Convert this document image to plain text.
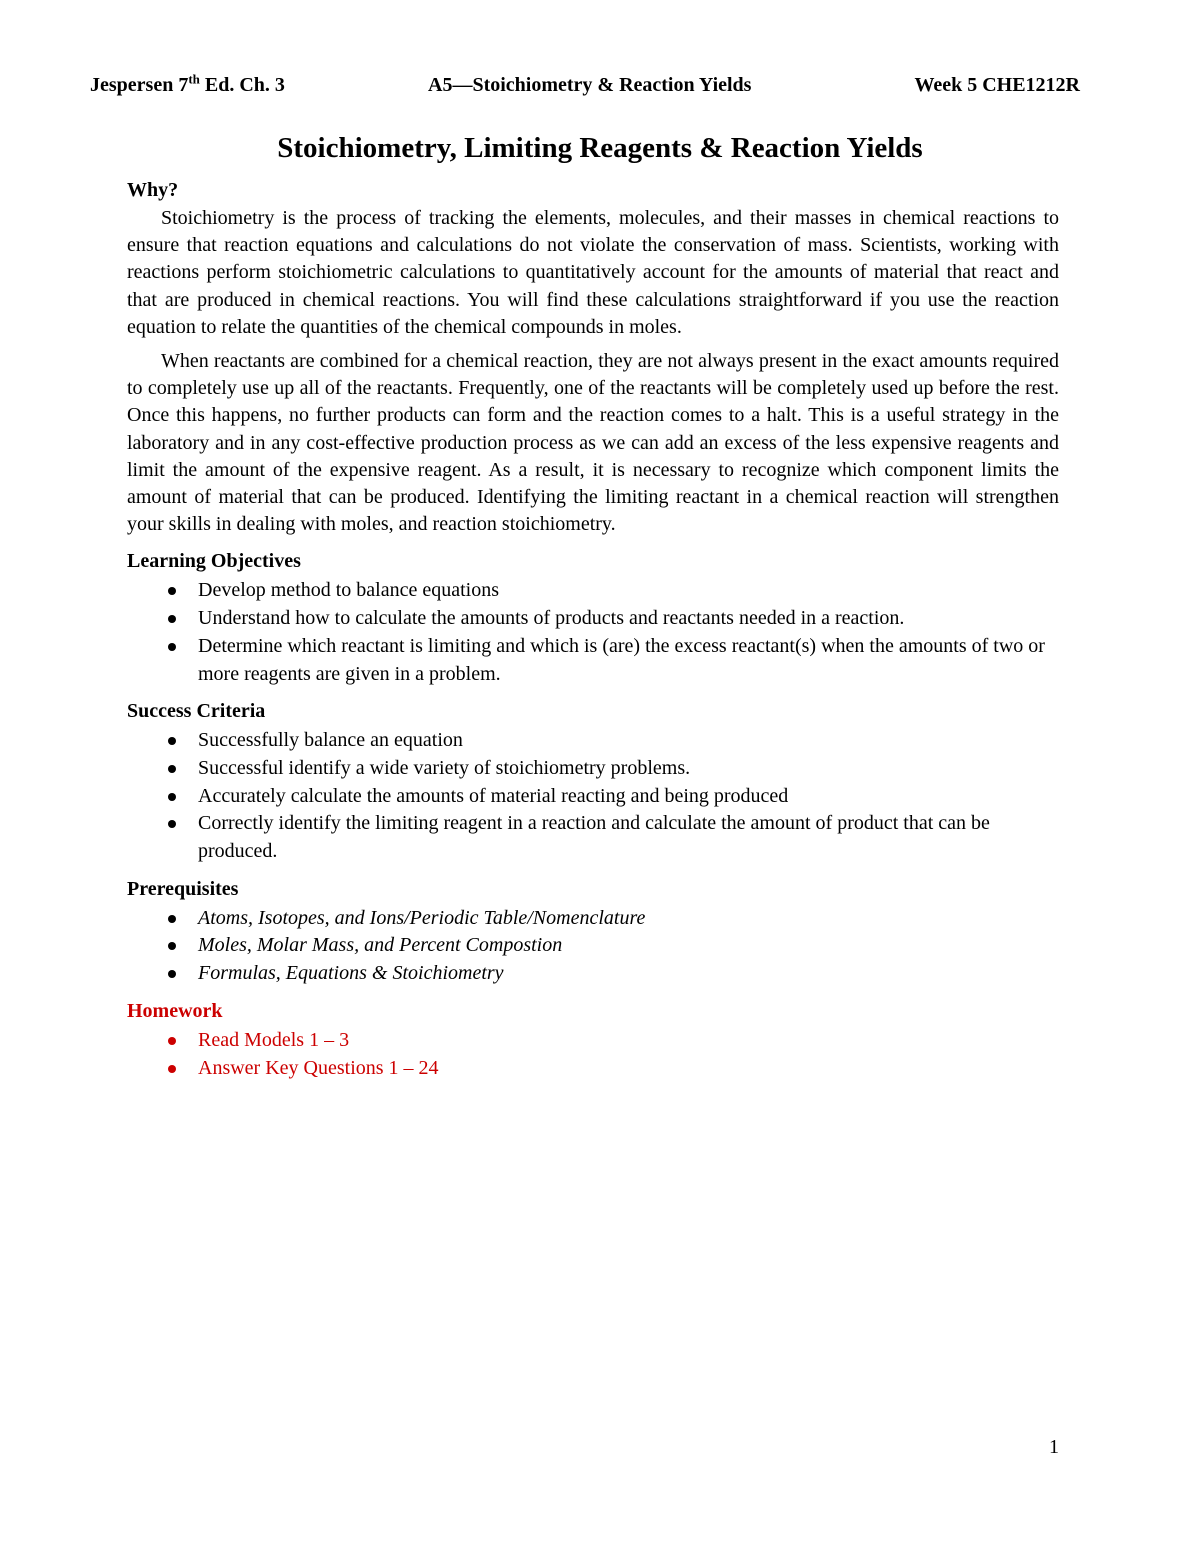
Jespersen 7th Ed. Ch. 3	A5—Stoichiometry & Reaction Yields	Week 5 CHE1212R
Stoichiometry, Limiting Reagents & Reaction Yields

Why?

Stoichiometry is the process of tracking the elements, molecules, and their masses in chemical reactions to ensure that reaction equations and calculations do not violate the conservation of mass. Scientists, working with reactions perform stoichiometric calculations to quantitatively account for the amounts of material that react and that are produced in chemical reactions. You will find these calculations straightforward if you use the reaction equation to relate the quantities of the chemical compounds in moles.

When reactants are combined for a chemical reaction, they are not always present in the exact amounts required to completely use up all of the reactants. Frequently, one of the reactants will be completely used up before the rest. Once this happens, no further products can form and the reaction comes to a halt. This is a useful strategy in the laboratory and in any cost-effective production process as we can add an excess of the less expensive reagents and limit the amount of the expensive reagent. As a result, it is necessary to recognize which component limits the amount of material that can be produced. Identifying the limiting reactant in a chemical reaction will strengthen your skills in dealing with moles, and reaction stoichiometry.

Learning Objectives

Develop method to balance equations
Understand how to calculate the amounts of products and reactants needed in a reaction.
Determine which reactant is limiting and which is (are) the excess reactant(s) when the amounts of two or more reagents are given in a problem.

Success Criteria

Successfully balance an equation
Successful identify a wide variety of stoichiometry problems.
Accurately calculate the amounts of material reacting and being produced
Correctly identify the limiting reagent in a reaction and calculate the amount of product that can be produced.

Prerequisites

Atoms, Isotopes, and Ions/Periodic Table/Nomenclature
Moles, Molar Mass, and Percent Compostion
Formulas, Equations & Stoichiometry

Homework

Read Models 1 – 3
Answer Key Questions 1 – 24
1
